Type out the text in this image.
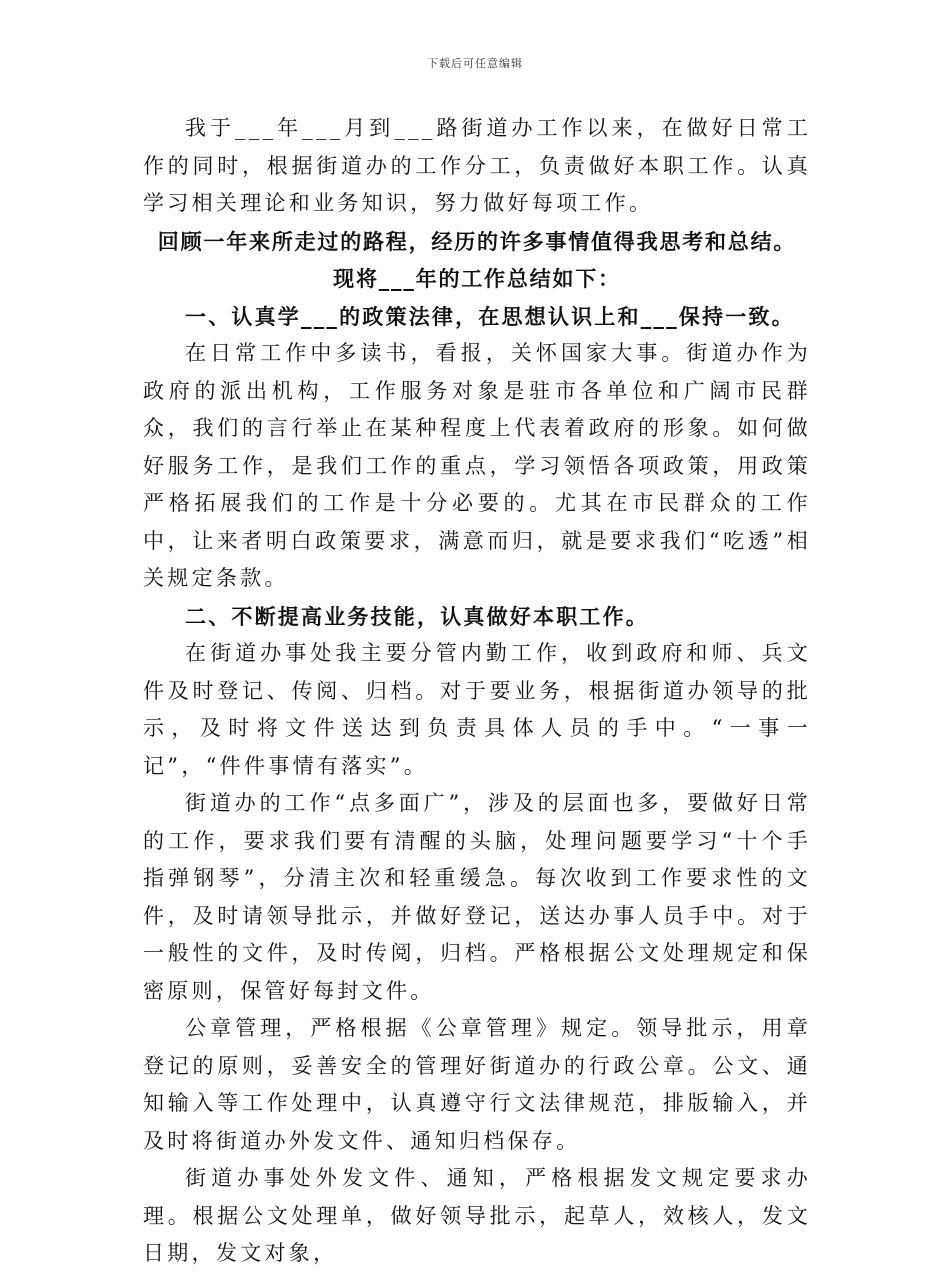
下载后可任意编辑

我于___年___月到___路街道办工作以来，在做好日常工作的同时，根据街道办的工作分工，负责做好本职工作。认真学习相关理论和业务知识，努力做好每项工作。

回顾一年来所走过的路程，经历的许多事情值得我思考和总结。

现将___年的工作总结如下：

一、认真学___的政策法律，在思想认识上和___保持一致。

在日常工作中多读书，看报，关怀国家大事。街道办作为政府的派出机构，工作服务对象是驻市各单位和广阔市民群众，我们的言行举止在某种程度上代表着政府的形象。如何做好服务工作，是我们工作的重点，学习领悟各项政策，用政策严格拓展我们的工作是十分必要的。尤其在市民群众的工作中，让来者明白政策要求，满意而归，就是要求我们“吃透”相关规定条款。

二、不断提高业务技能，认真做好本职工作。

在街道办事处我主要分管内勤工作，收到政府和师、兵文件及时登记、传阅、归档。对于要业务，根据街道办领导的批示，及时将文件送达到负责具体人员的手中。“一事一记”，“件件事情有落实”。

街道办的工作“点多面广”，涉及的层面也多，要做好日常的工作，要求我们要有清醒的头脑，处理问题要学习“十个手指弹钢琴”，分清主次和轻重缓急。每次收到工作要求性的文件，及时请领导批示，并做好登记，送达办事人员手中。对于一般性的文件，及时传阅，归档。严格根据公文处理规定和保密原则，保管好每封文件。

公章管理，严格根据《公章管理》规定。领导批示，用章登记的原则，妥善安全的管理好街道办的行政公章。公文、通知输入等工作处理中，认真遵守行文法律规范，排版输入，并及时将街道办外发文件、通知归档保存。

街道办事处外发文件、通知，严格根据发文规定要求办理。根据公文处理单，做好领导批示，起草人，效核人，发文日期，发文对象，
